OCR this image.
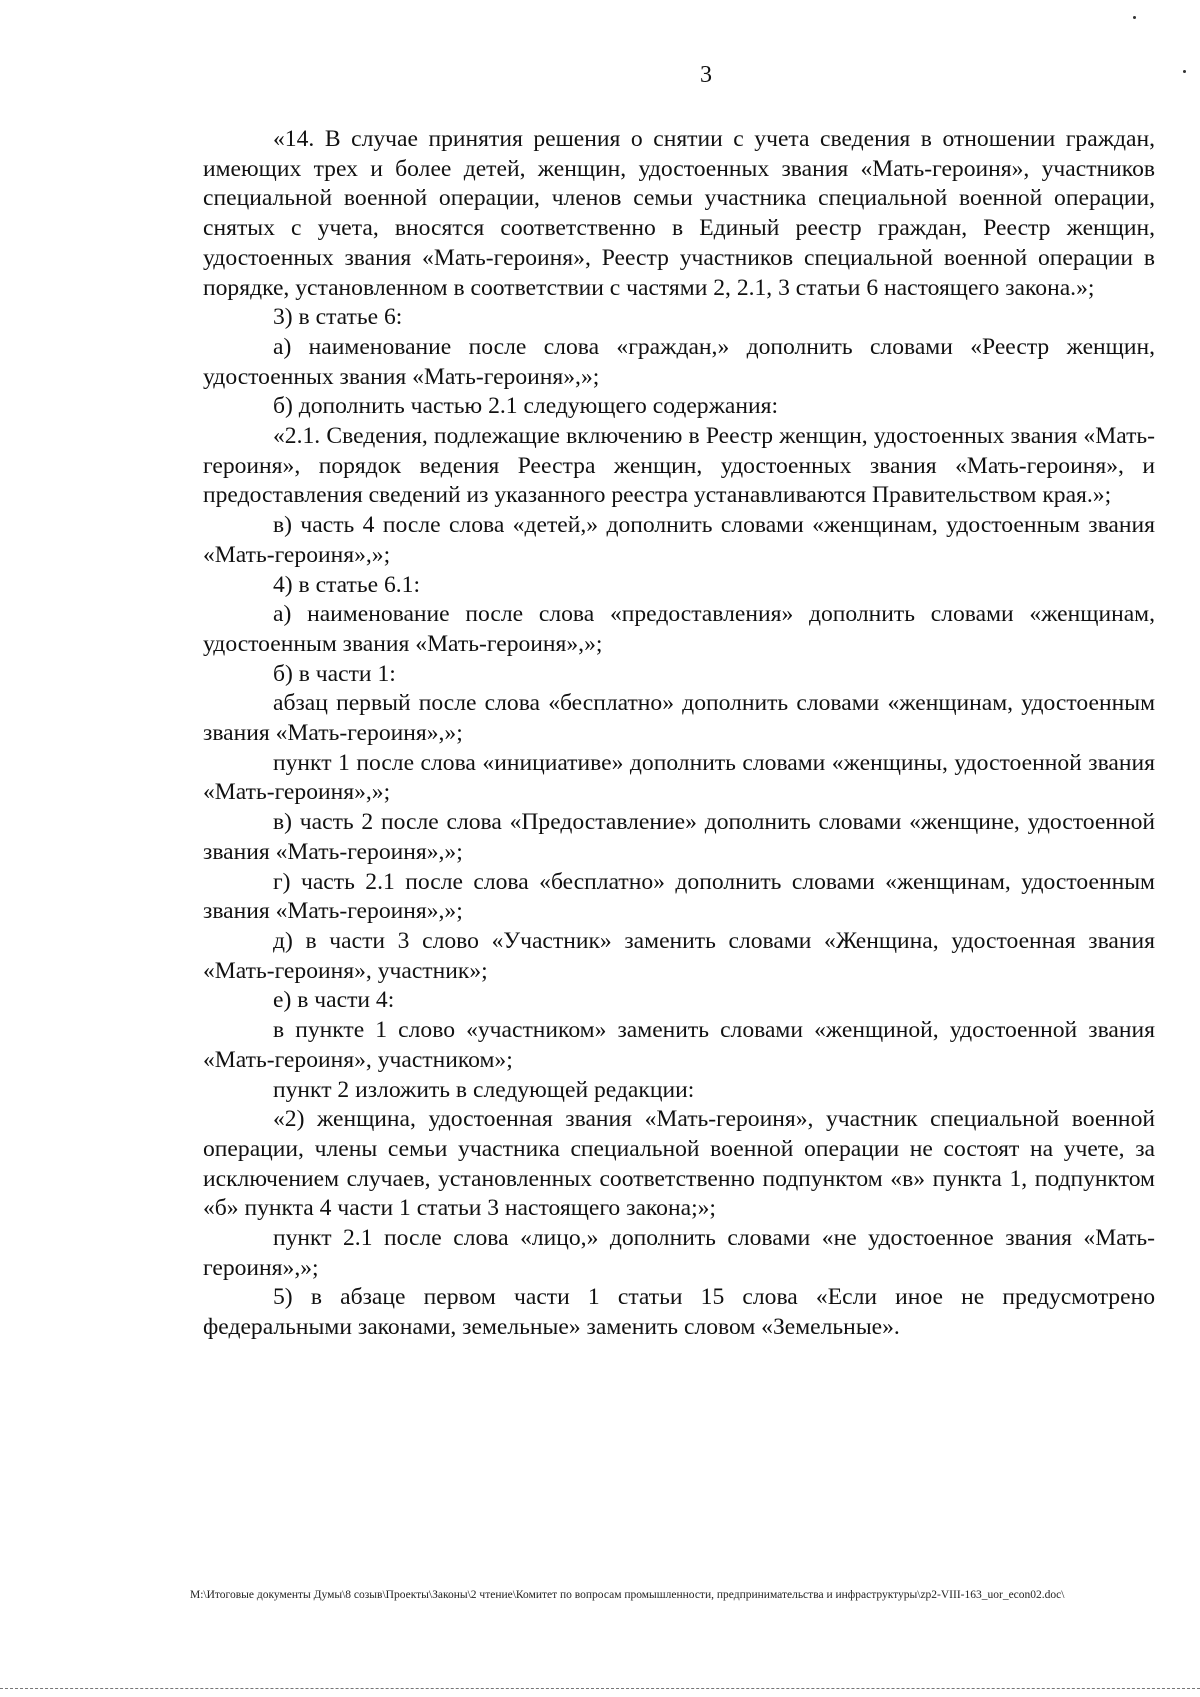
3

«14. В случае принятия решения о снятии с учета сведения в отношении граждан, имеющих трех и более детей, женщин, удостоенных звания «Мать-героиня», участников специальной военной операции, членов семьи участника специальной военной операции, снятых с учета, вносятся соответственно в Единый реестр граждан, Реестр женщин, удостоенных звания «Мать-героиня», Реестр участников специальной военной операции в порядке, установленном в соответствии с частями 2, 2.1, 3 статьи 6 настоящего закона.»;

3) в статье 6:

а) наименование после слова «граждан,» дополнить словами «Реестр женщин, удостоенных звания «Мать-героиня»,»;

б) дополнить частью 2.1 следующего содержания:

«2.1. Сведения, подлежащие включению в Реестр женщин, удостоенных звания «Мать-героиня», порядок ведения Реестра женщин, удостоенных звания «Мать-героиня», и предоставления сведений из указанного реестра устанавливаются Правительством края.»;

в) часть 4 после слова «детей,» дополнить словами «женщинам, удостоенным звания «Мать-героиня»,»;

4) в статье 6.1:

а) наименование после слова «предоставления» дополнить словами «женщинам, удостоенным звания «Мать-героиня»,»;

б) в части 1:

абзац первый после слова «бесплатно» дополнить словами «женщинам, удостоенным звания «Мать-героиня»,»;

пункт 1 после слова «инициативе» дополнить словами «женщины, удостоенной звания «Мать-героиня»,»;

в) часть 2 после слова «Предоставление» дополнить словами «женщине, удостоенной звания «Мать-героиня»,»;

г) часть 2.1 после слова «бесплатно» дополнить словами «женщинам, удостоенным звания «Мать-героиня»,»;

д) в части 3 слово «Участник» заменить словами «Женщина, удостоенная звания «Мать-героиня», участник»;

е) в части 4:

в пункте 1 слово «участником» заменить словами «женщиной, удостоенной звания «Мать-героиня», участником»;

пункт 2 изложить в следующей редакции:

«2) женщина, удостоенная звания «Мать-героиня», участник специальной военной операции, члены семьи участника специальной военной операции не состоят на учете, за исключением случаев, установленных соответственно подпунктом «в» пункта 1, подпунктом «б» пункта 4 части 1 статьи 3 настоящего закона;»;

пункт 2.1 после слова «лицо,» дополнить словами «не удостоенное звания «Мать-героиня»,»;

5) в абзаце первом части 1 статьи 15 слова «Если иное не предусмотрено федеральными законами, земельные» заменить словом «Земельные».

M:\Итоговые документы Думы\8 созыв\Проекты\Законы\2 чтение\Комитет по вопросам промышленности, предпринимательства и инфраструктуры\zp2-VIII-163_uor_econ02.doc\
